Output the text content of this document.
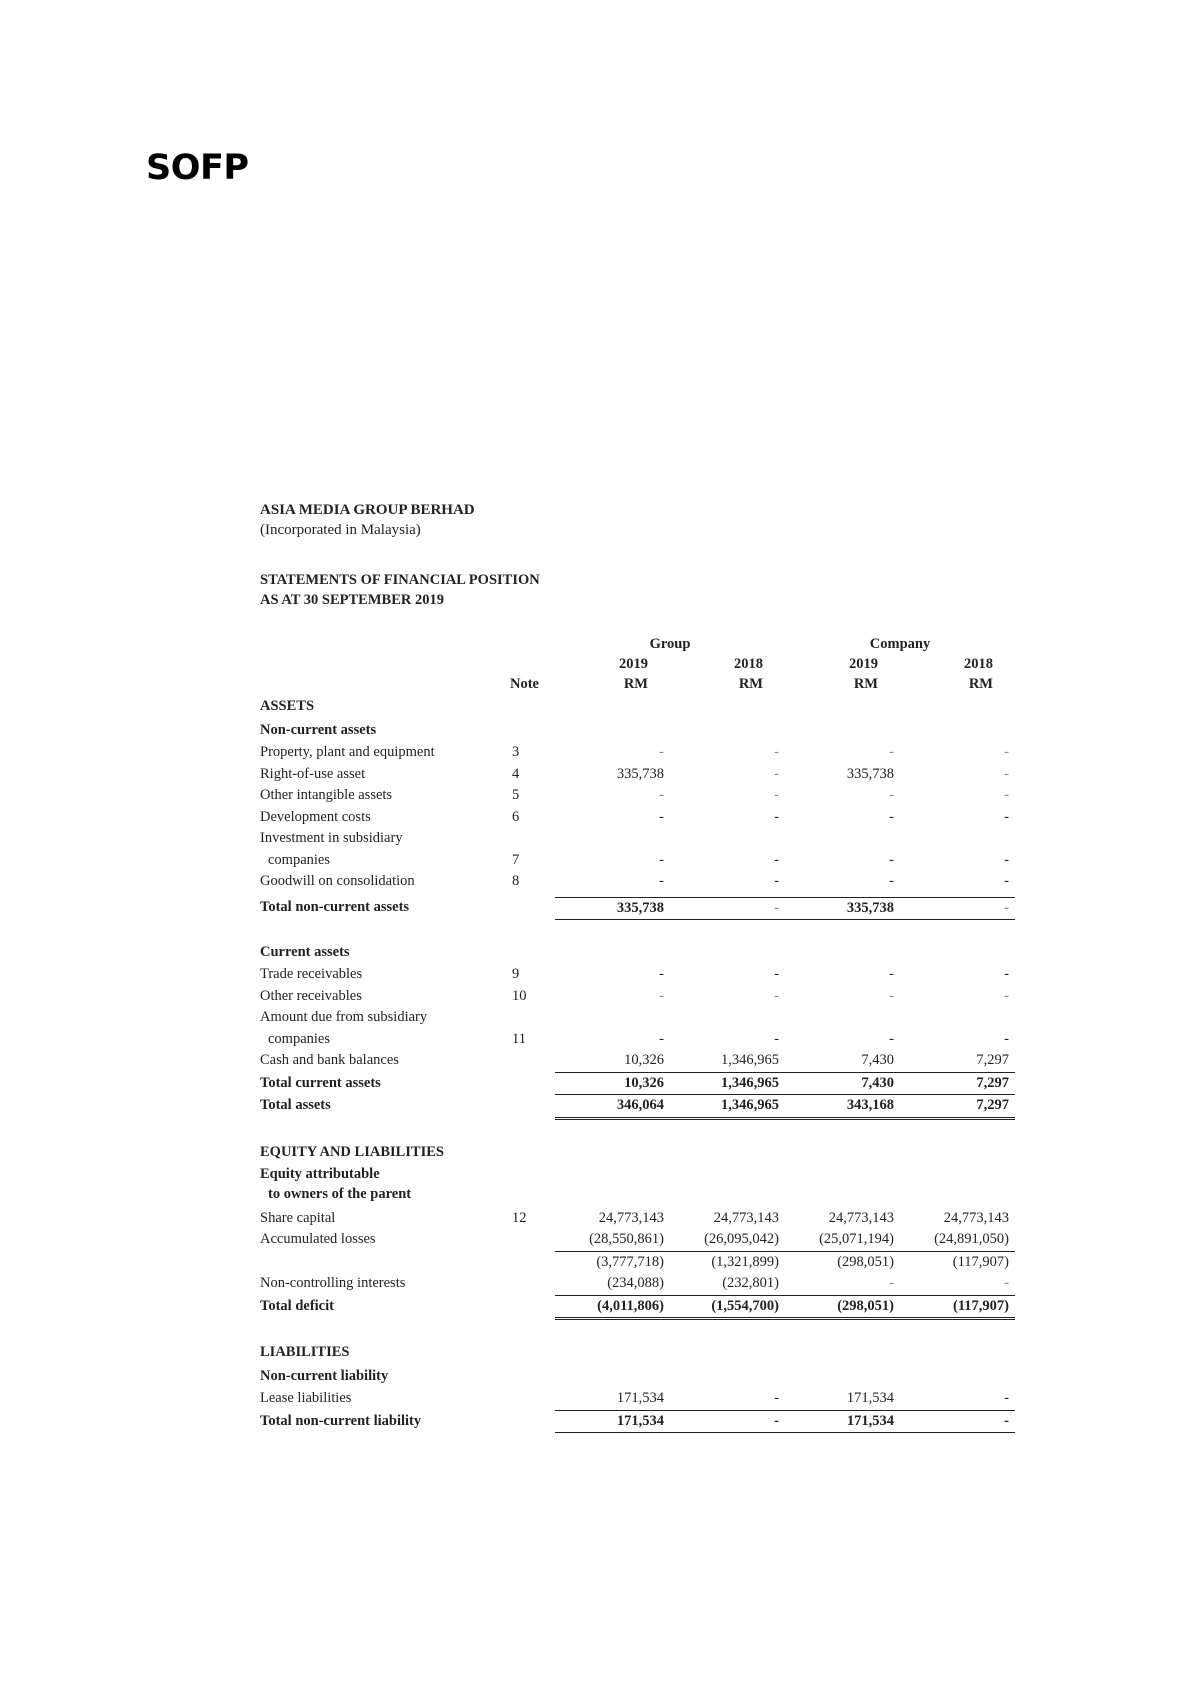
SOFP
ASIA MEDIA GROUP BERHAD
(Incorporated in Malaysia)
STATEMENTS OF FINANCIAL POSITION
AS AT 30 SEPTEMBER 2019
Group	Company
2019	2018	2019	2018
Note	RM	RM	RM	RM
ASSETS
Non-current assets
Property, plant and equipment	3	-	-	-	-
Right-of-use asset	4	335,738	-	335,738	-
Other intangible assets	5	-	-	-	-
Development costs	6	-	-	-	-
Investment in subsidiary
companies	7	-	-	-	-
Goodwill on consolidation	8	-	-	-	-
Total non-current assets	335,738	-	335,738	-
Current assets
Trade receivables	9	-	-	-	-
Other receivables	10	-	-	-	-
Amount due from subsidiary
companies	11	-	-	-	-
Cash and bank balances	10,326	1,346,965	7,430	7,297
Total current assets	10,326	1,346,965	7,430	7,297
Total assets	346,064	1,346,965	343,168	7,297
EQUITY AND LIABILITIES
Equity attributable
to owners of the parent
Share capital	12	24,773,143	24,773,143	24,773,143	24,773,143
Accumulated losses	(28,550,861)	(26,095,042)	(25,071,194)	(24,891,050)
(3,777,718)	(1,321,899)	(298,051)	(117,907)
Non-controlling interests	(234,088)	(232,801)	-	-
Total deficit	(4,011,806)	(1,554,700)	(298,051)	(117,907)
LIABILITIES
Non-current liability
Lease liabilities	171,534	-	171,534	-
Total non-current liability	171,534	-	171,534	-
